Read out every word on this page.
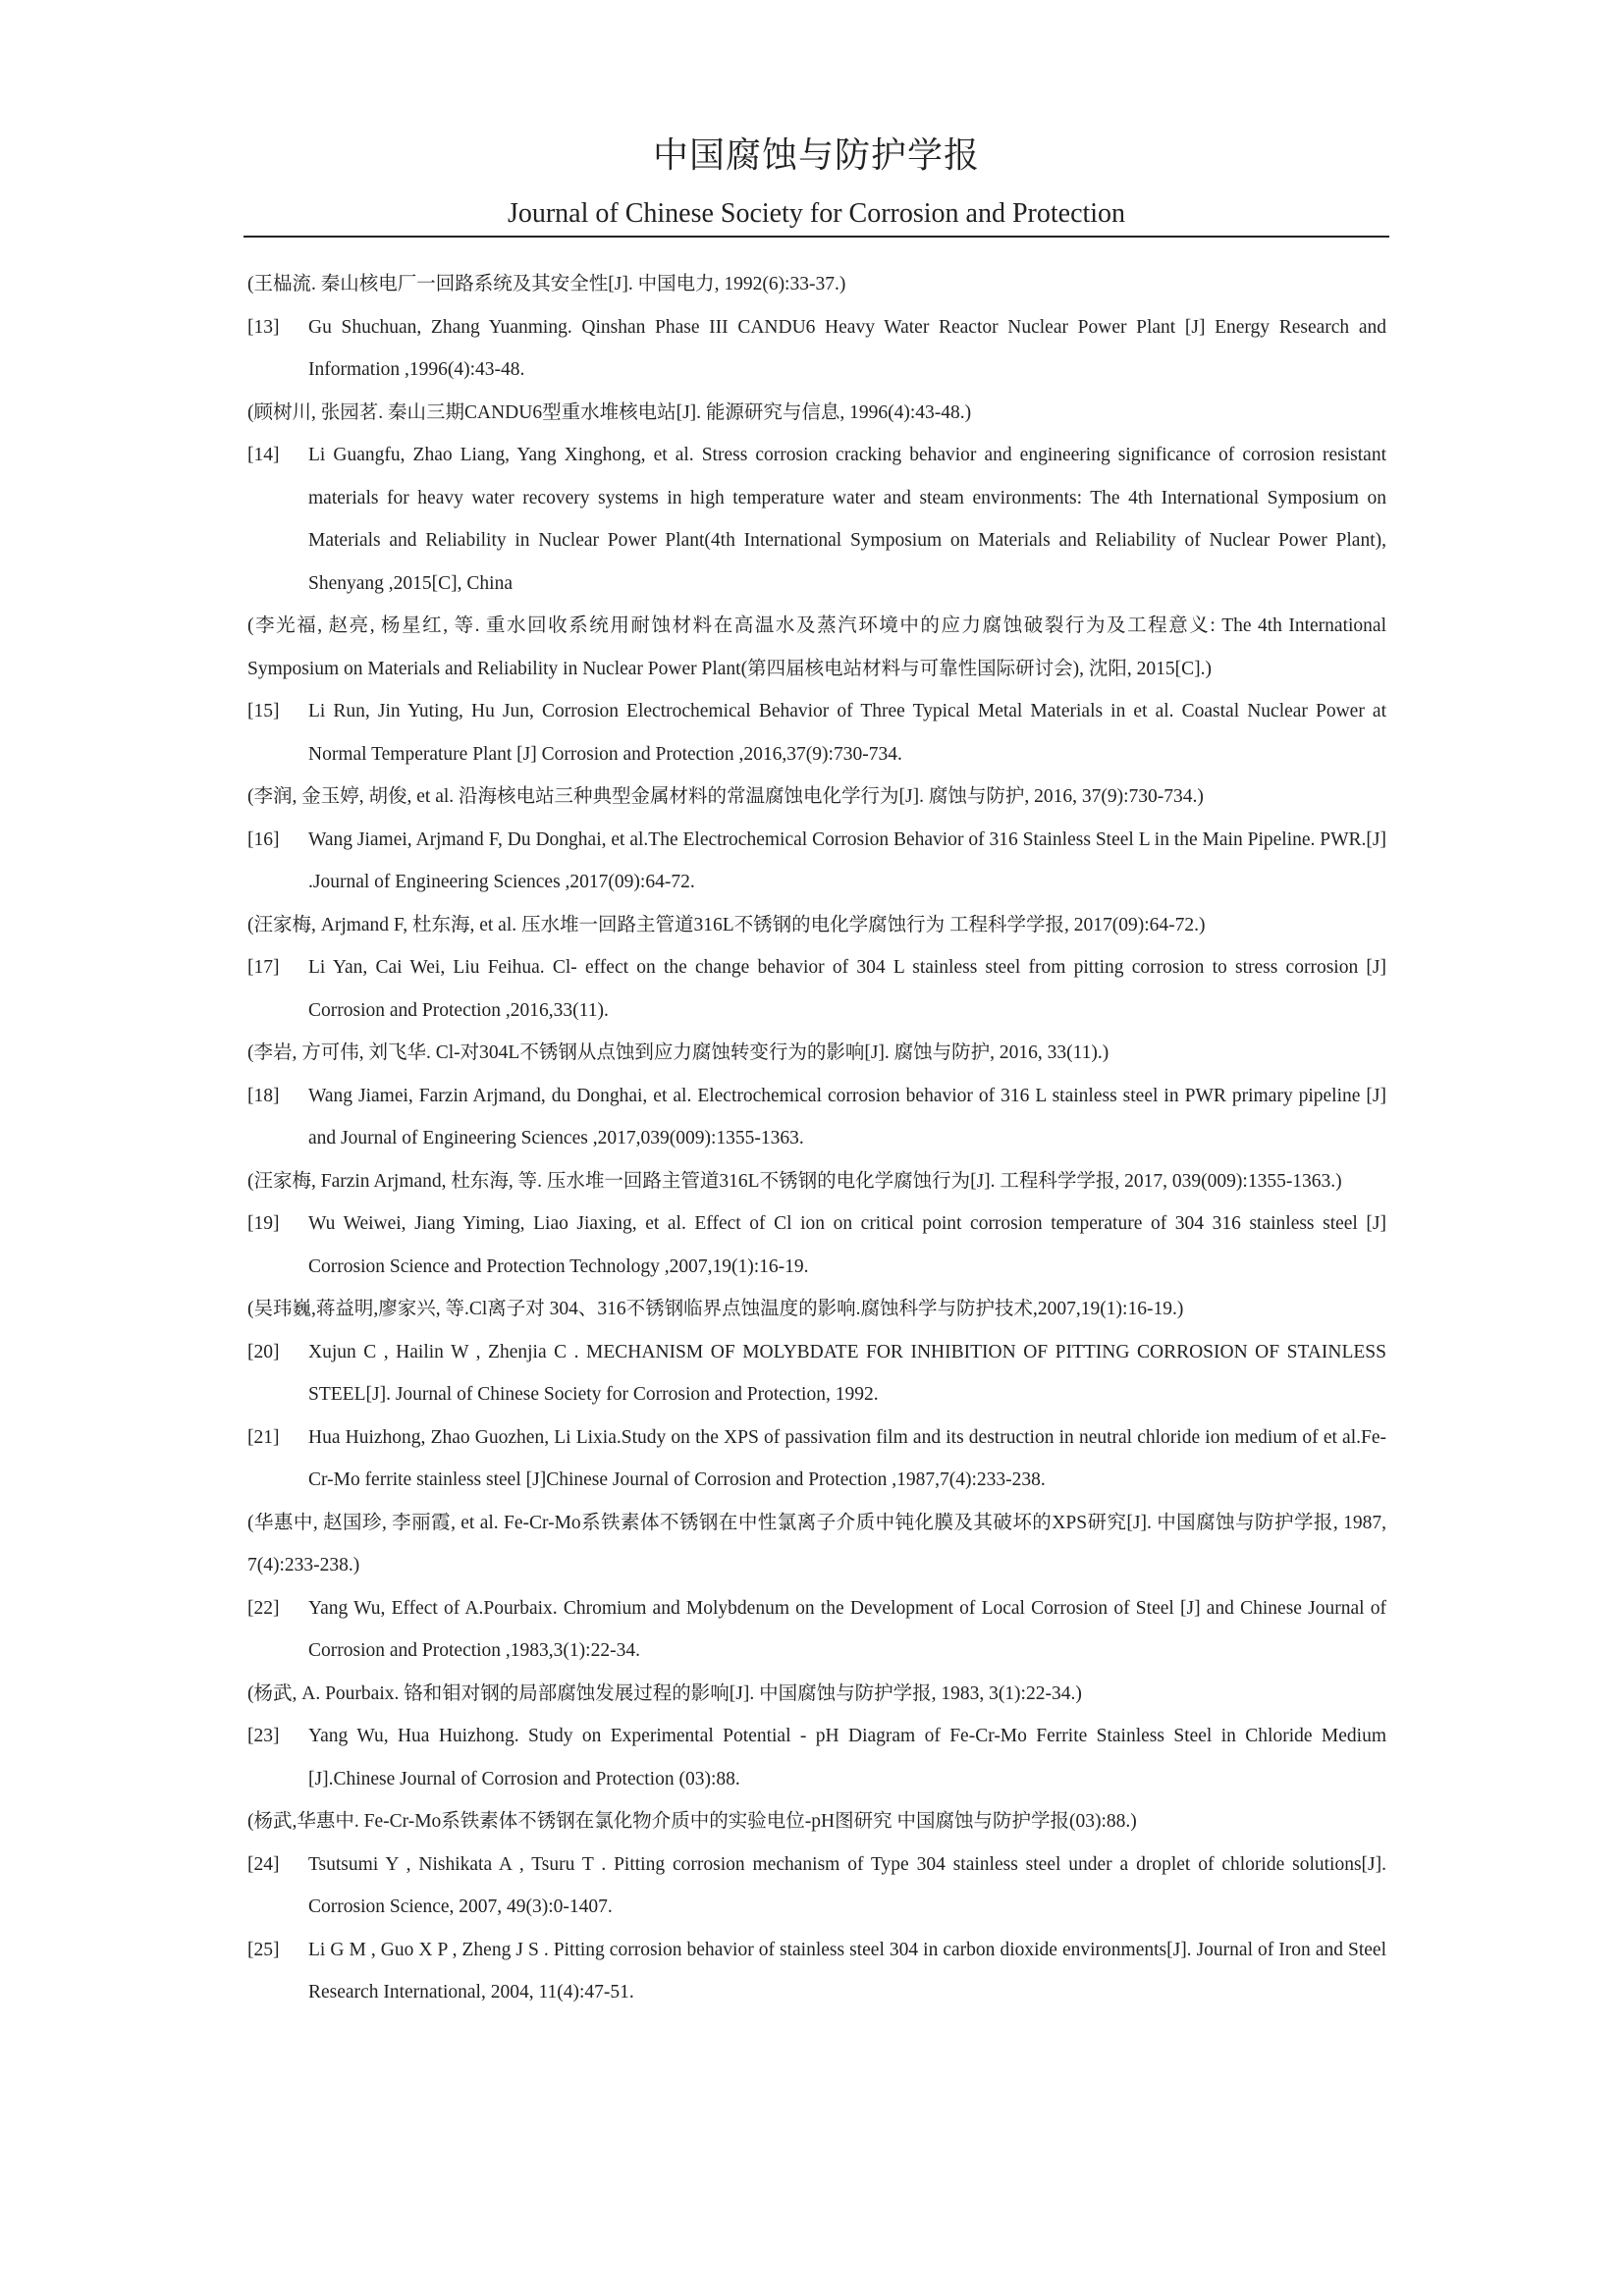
中国腐蚀与防护学报
Journal of Chinese Society for Corrosion and Protection
(王榀流. 秦山核电厂一回路系统及其安全性[J]. 中国电力, 1992(6):33-37.)
[13] Gu Shuchuan, Zhang Yuanming. Qinshan Phase III CANDU6 Heavy Water Reactor Nuclear Power Plant [J] Energy Research and Information ,1996(4):43-48.
(顾树川, 张园茗. 秦山三期CANDU6型重水堆核电站[J]. 能源研究与信息, 1996(4):43-48.)
[14] Li Guangfu, Zhao Liang, Yang Xinghong, et al. Stress corrosion cracking behavior and engineering significance of corrosion resistant materials for heavy water recovery systems in high temperature water and steam environments: The 4th International Symposium on Materials and Reliability in Nuclear Power Plant(4th International Symposium on Materials and Reliability of Nuclear Power Plant), Shenyang ,2015[C], China
(李光福, 赵亮, 杨星红, 等. 重水回收系统用耐蚀材料在高温水及蒸汽环境中的应力腐蚀破裂行为及工程意义: The 4th International Symposium on Materials and Reliability in Nuclear Power Plant(第四届核电站材料与可靠性国际研讨会), 沈阳, 2015[C].)
[15] Li Run, Jin Yuting, Hu Jun, Corrosion Electrochemical Behavior of Three Typical Metal Materials in et al. Coastal Nuclear Power at Normal Temperature Plant [J] Corrosion and Protection ,2016,37(9):730-734.
(李润, 金玉婷, 胡俊, et al. 沿海核电站三种典型金属材料的常温腐蚀电化学行为[J]. 腐蚀与防护, 2016, 37(9):730-734.)
[16] Wang Jiamei, Arjmand F, Du Donghai, et al.The Electrochemical Corrosion Behavior of 316 Stainless Steel L in the Main Pipeline. PWR.[J] .Journal of Engineering Sciences ,2017(09):64-72.
(汪家梅, Arjmand F, 杜东海, et al. 压水堆一回路主管道316L不锈钢的电化学腐蚀行为 工程科学学报, 2017(09):64-72.)
[17] Li Yan, Cai Wei, Liu Feihua. Cl- effect on the change behavior of 304 L stainless steel from pitting corrosion to stress corrosion [J] Corrosion and Protection ,2016,33(11).
(李岩, 方可伟, 刘飞华. Cl-对304L不锈钢从点蚀到应力腐蚀转变行为的影响[J]. 腐蚀与防护, 2016, 33(11).)
[18] Wang Jiamei, Farzin Arjmand, du Donghai, et al. Electrochemical corrosion behavior of 316 L stainless steel in PWR primary pipeline [J] and Journal of Engineering Sciences ,2017,039(009):1355-1363.
(汪家梅, Farzin Arjmand, 杜东海, 等. 压水堆一回路主管道316L不锈钢的电化学腐蚀行为[J]. 工程科学学报, 2017, 039(009):1355-1363.)
[19] Wu Weiwei, Jiang Yiming, Liao Jiaxing, et al. Effect of Cl ion on critical point corrosion temperature of 304 316 stainless steel [J] Corrosion Science and Protection Technology ,2007,19(1):16-19.
(吴玮巍,蒋益明,廖家兴, 等.Cl离子对 304、316不锈钢临界点蚀温度的影响.腐蚀科学与防护技术,2007,19(1):16-19.)
[20] Xujun C , Hailin W , Zhenjia C . MECHANISM OF MOLYBDATE FOR INHIBITION OF PITTING CORROSION OF STAINLESS STEEL[J]. Journal of Chinese Society for Corrosion and Protection, 1992.
[21] Hua Huizhong, Zhao Guozhen, Li Lixia.Study on the XPS of passivation film and its destruction in neutral chloride ion medium of et al.Fe-Cr-Mo ferrite stainless steel [J]Chinese Journal of Corrosion and Protection ,1987,7(4):233-238.
(华惠中, 赵国珍, 李丽霞, et al. Fe-Cr-Mo系铁素体不锈钢在中性氯离子介质中钝化膜及其破坏的XPS研究[J]. 中国腐蚀与防护学报, 1987, 7(4):233-238.)
[22] Yang Wu, Effect of A.Pourbaix. Chromium and Molybdenum on the Development of Local Corrosion of Steel [J] and Chinese Journal of Corrosion and Protection ,1983,3(1):22-34.
(杨武, A. Pourbaix. 铬和钼对钢的局部腐蚀发展过程的影响[J]. 中国腐蚀与防护学报, 1983, 3(1):22-34.)
[23] Yang Wu, Hua Huizhong. Study on Experimental Potential - pH Diagram of Fe-Cr-Mo Ferrite Stainless Steel in Chloride Medium [J].Chinese Journal of Corrosion and Protection (03):88.
(杨武,华惠中. Fe-Cr-Mo系铁素体不锈钢在氯化物介质中的实验电位-pH图研究 中国腐蚀与防护学报(03):88.)
[24] Tsutsumi Y , Nishikata A , Tsuru T . Pitting corrosion mechanism of Type 304 stainless steel under a droplet of chloride solutions[J]. Corrosion Science, 2007, 49(3):0-1407.
[25] Li G M , Guo X P , Zheng J S . Pitting corrosion behavior of stainless steel 304 in carbon dioxide environments[J]. Journal of Iron and Steel Research International, 2004, 11(4):47-51.
